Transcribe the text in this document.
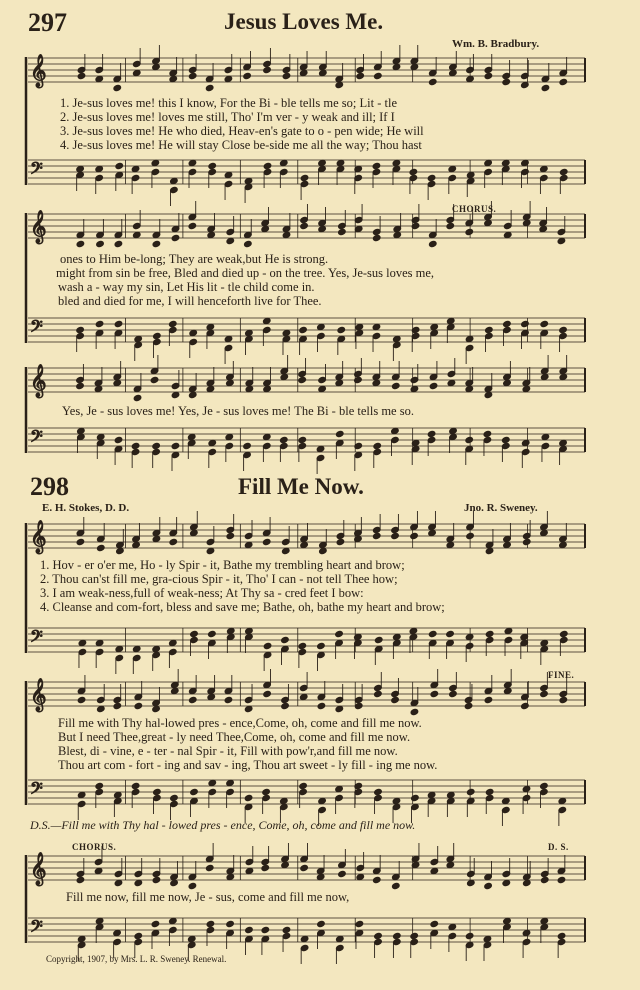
297	Jesus Loves Me.
Wm. B. Bradbury.
𝄞
𝄢
𝄞
𝄢
𝄞
𝄢
𝄞
𝄢
𝄞
𝄢
𝄞
𝄢
1. Je-sus loves me! this I know, For the Bi - ble tells me so; Lit - tle
2. Je-sus loves me! loves me still, Tho' I'm ver - y weak and ill; If I
3. Je-sus loves me! He who died, Heav-en's gate to o - pen wide; He will
4. Je-sus loves me! He will stay Close be-side me all the way; Thou hast
CHORUS.
ones to Him be-long; They are weak,but He is strong.
might from sin be free, Bled and died up - on the tree. Yes, Je-sus loves me,
wash a - way my sin, Let His lit - tle child come in.
bled and died for me, I will henceforth live for Thee.
Yes, Je - sus loves me! Yes, Je - sus loves me! The Bi - ble tells me so.
298	Fill Me Now.
E. H. Stokes, D. D.	Jno. R. Sweney.
1. Hov - er o'er me, Ho - ly Spir - it, Bathe my trembling heart and brow;
2. Thou can'st fill me, gra-cious Spir - it, Tho' I can - not tell Thee how;
3. I am weak-ness,full of weak-ness; At Thy sa - cred feet I bow:
4. Cleanse and com-fort, bless and save me; Bathe, oh, bathe my heart and brow;
FINE.
Fill me with Thy hal-lowed pres - ence,Come, oh, come and fill me now.
But I need Thee,great - ly need Thee,Come, oh, come and fill me now.
Blest, di - vine, e - ter - nal Spir - it, Fill with pow'r,and fill me now.
Thou art com - fort - ing and sav - ing, Thou art sweet - ly fill - ing me now.
D.S.—Fill me with Thy hal - lowed pres - ence, Come, oh, come and fill me now.
CHORUS.	D. S.
Fill me now, fill me now, Je - sus, come and fill me now,
Copyright, 1907, by Mrs. L. R. Sweney. Renewal.
